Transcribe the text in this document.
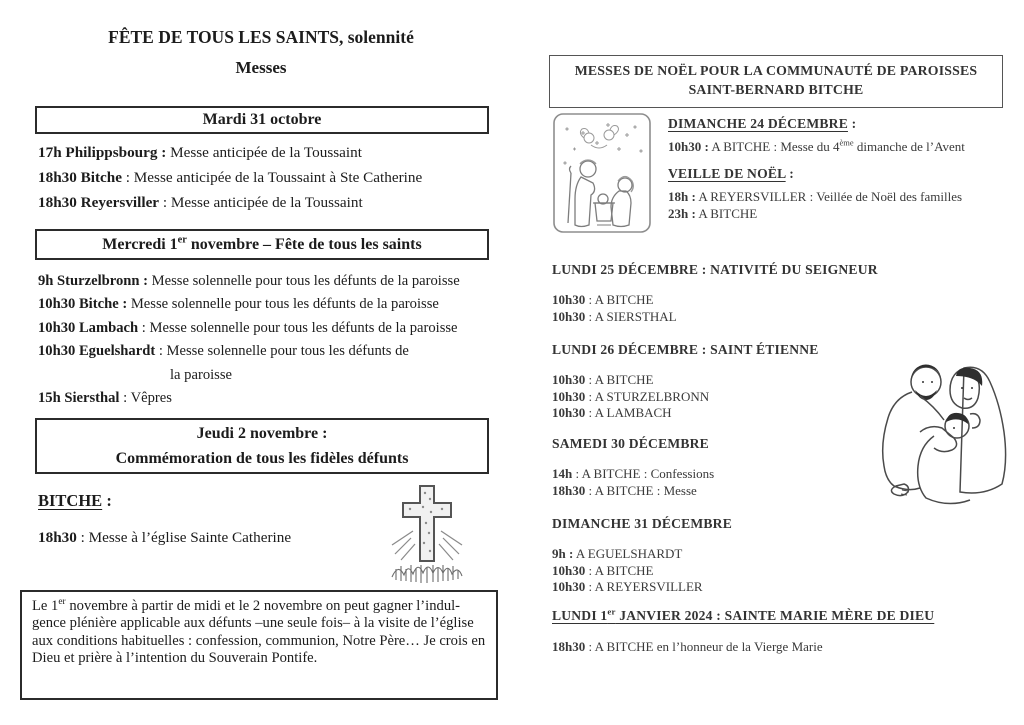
FÊTE DE TOUS LES SAINTS, solennité
Messes
Mardi 31 octobre
17h Philippsbourg : Messe anticipée de la Toussaint
18h30 Bitche : Messe anticipée de la Toussaint à Ste Catherine
18h30 Reyersviller : Messe anticipée de la Toussaint
Mercredi 1er novembre – Fête de tous les saints
9h Sturzelbronn : Messe solennelle pour tous les défunts de la paroisse
10h30 Bitche : Messe solennelle pour tous les défunts de la paroisse
10h30 Lambach : Messe solennelle pour tous les défunts de la paroisse
10h30 Eguelshardt : Messe solennelle pour tous les défunts de
la paroisse
15h Siersthal : Vêpres
Jeudi 2 novembre :
Commémoration de tous les fidèles défunts
BITCHE :
18h30 : Messe à l’église Sainte Catherine
Le 1er novembre à partir de midi et le 2 novembre on peut gagner l’indul-
gence plénière applicable aux défunts –une seule fois– à la visite de l’église
aux conditions habituelles : confession, communion, Notre Père… Je crois en
Dieu et prière à l’intention du Souverain Pontife.
MESSES DE NOËL POUR LA COMMUNAUTÉ DE PAROISSES
SAINT-BERNARD BITCHE
DIMANCHE 24 DÉCEMBRE :
10h30 : A BITCHE : Messe du 4ème dimanche de l’Avent
VEILLE DE NOËL :
18h : A REYERSVILLER : Veillée de Noël des familles
23h : A BITCHE
LUNDI 25 DÉCEMBRE : NATIVITÉ DU SEIGNEUR
10h30 : A BITCHE
10h30 : A SIERSTHAL
LUNDI 26 DÉCEMBRE : SAINT ÉTIENNE
10h30 : A BITCHE
10h30 : A STURZELBRONN
10h30 : A LAMBACH
SAMEDI 30 DÉCEMBRE
14h : A BITCHE : Confessions
18h30 : A BITCHE : Messe
DIMANCHE 31 DÉCEMBRE
9h : A EGUELSHARDT
10h30 : A BITCHE
10h30 : A REYERSVILLER
LUNDI 1er JANVIER 2024 : SAINTE MARIE MÈRE DE DIEU
18h30 : A BITCHE en l’honneur de la Vierge Marie
